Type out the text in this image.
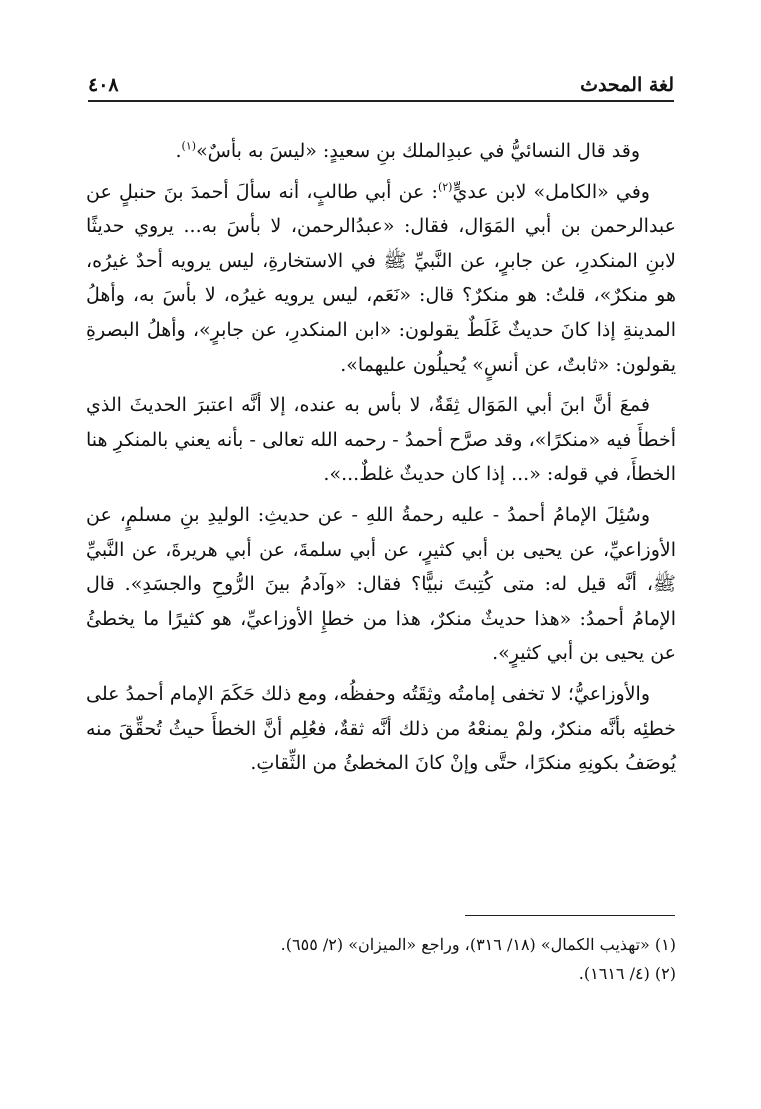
لغة المحدث
٤٠٨

وقد قال النسائيُّ في عبدِالملك بنِ سعيدٍ: «ليسَ به بأسٌ»$^{(١)}$.

وفي «الكامل» لابن عديٍّ$^{(٢)}$: عن أبي طالبٍ، أنه سألَ أحمدَ بنَ حنبلٍ عن عبدالرحمن بن أبي المَوَال، فقال: «عبدُالرحمن، لا بأسَ به... يروي حديثًا لابنِ المنكدرِ، عن جابرٍ، عن النَّبيِّ ﷺ في الاستخارةِ، ليس يرويه أحدٌ غيرُه، هو منكرٌ»، قلتُ: هو منكرٌ؟ قال: «نَعَم، ليس يرويه غيرُه، لا بأسَ به، وأهلُ المدينةِ إذا كانَ حديثٌ غَلَطٌ يقولون: «ابن المنكدرِ، عن جابرٍ»، وأهلُ البصرةِ يقولون: «ثابتٌ، عن أنسٍ» يُحيلُون عليهما».

فمعَ أنَّ ابنَ أبي المَوَال ثِقَةٌ، لا بأس به عنده، إلا أنَّه اعتبرَ الحديثَ الذي أخطأَ فيه «منكرًا»، وقد صرَّح أحمدُ - رحمه الله تعالى - بأنه يعني بالمنكرِ هنا الخطأَ، في قوله: «... إذا كان حديثٌ غلطٌ...».

وسُئِلَ الإمامُ أحمدُ - عليه رحمةُ اللهِ - عن حديثِ: الوليدِ بنِ مسلمٍ، عن الأوزاعيِّ، عن يحيى بن أبي كثيرٍ، عن أبي سلمةَ، عن أبي هريرةَ، عن النَّبيِّ ﷺ، أنَّه قيل له: متى كُتِبتَ نبيًّا؟ فقال: «وآدمُ بينَ الرُّوحِ والجسَدِ». قال الإمامُ أحمدُ: «هذا حديثٌ منكرٌ، هذا من خطإِ الأوزاعيِّ، هو كثيرًا ما يخطئُ عن يحيى بن أبي كثيرٍ».

والأوزاعيُّ؛ لا تخفى إمامتُه وثِقَتُه وحفظُه، ومع ذلك حَكَمَ الإمام أحمدُ على خطئِه بأنَّه منكرٌ، ولمْ يمنعْهُ من ذلك أنَّه ثقةٌ، فعُلِم أنَّ الخطأَ حيثُ تُحقِّقَ منه يُوصَفُ بكونِهِ منكرًا، حتَّى وإنْ كانَ المخطئُ من الثِّقاتِ.

(١) «تهذيب الكمال» (١٨/ ٣١٦)، وراجع «الميزان» (٢/ ٦٥٥).

(٢) (٤/ ١٦١٦).
